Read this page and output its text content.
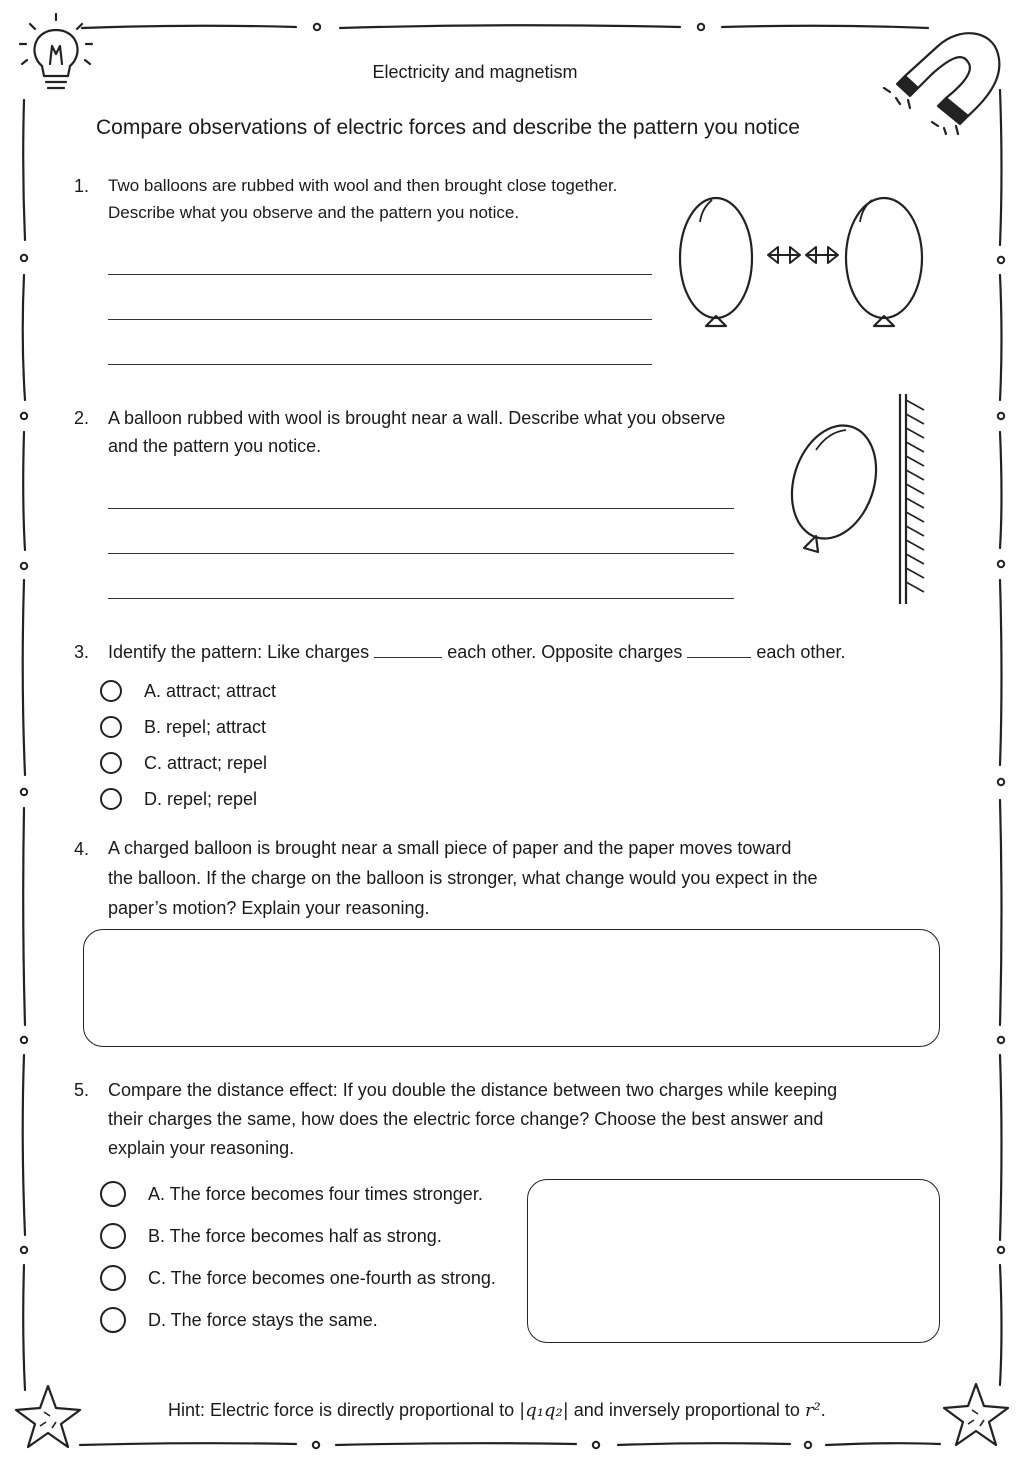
Electricity and magnetism
Compare observations of electric forces and describe the pattern you notice
1. Two balloons are rubbed with wool and then brought close together.
Describe what you observe and the pattern you notice.
2. A balloon rubbed with wool is brought near a wall. Describe what you observe
and the pattern you notice.
3. Identify the pattern: Like charges	each other. Opposite charges	each other.
A. attract; attract
B. repel; attract
C. attract; repel
D. repel; repel
4. A charged balloon is brought near a small piece of paper and the paper moves toward
the balloon. If the charge on the balloon is stronger, what change would you expect in the
paper’s motion? Explain your reasoning.
5. Compare the distance effect: If you double the distance between two charges while keeping
their charges the same, how does the electric force change? Choose the best answer and
explain your reasoning.
A. The force becomes four times stronger.
B. The force becomes half as strong.
C. The force becomes one-fourth as strong.
D. The force stays the same.
Hint: Electric force is directly proportional to |q₁q₂| and inversely proportional to r².
